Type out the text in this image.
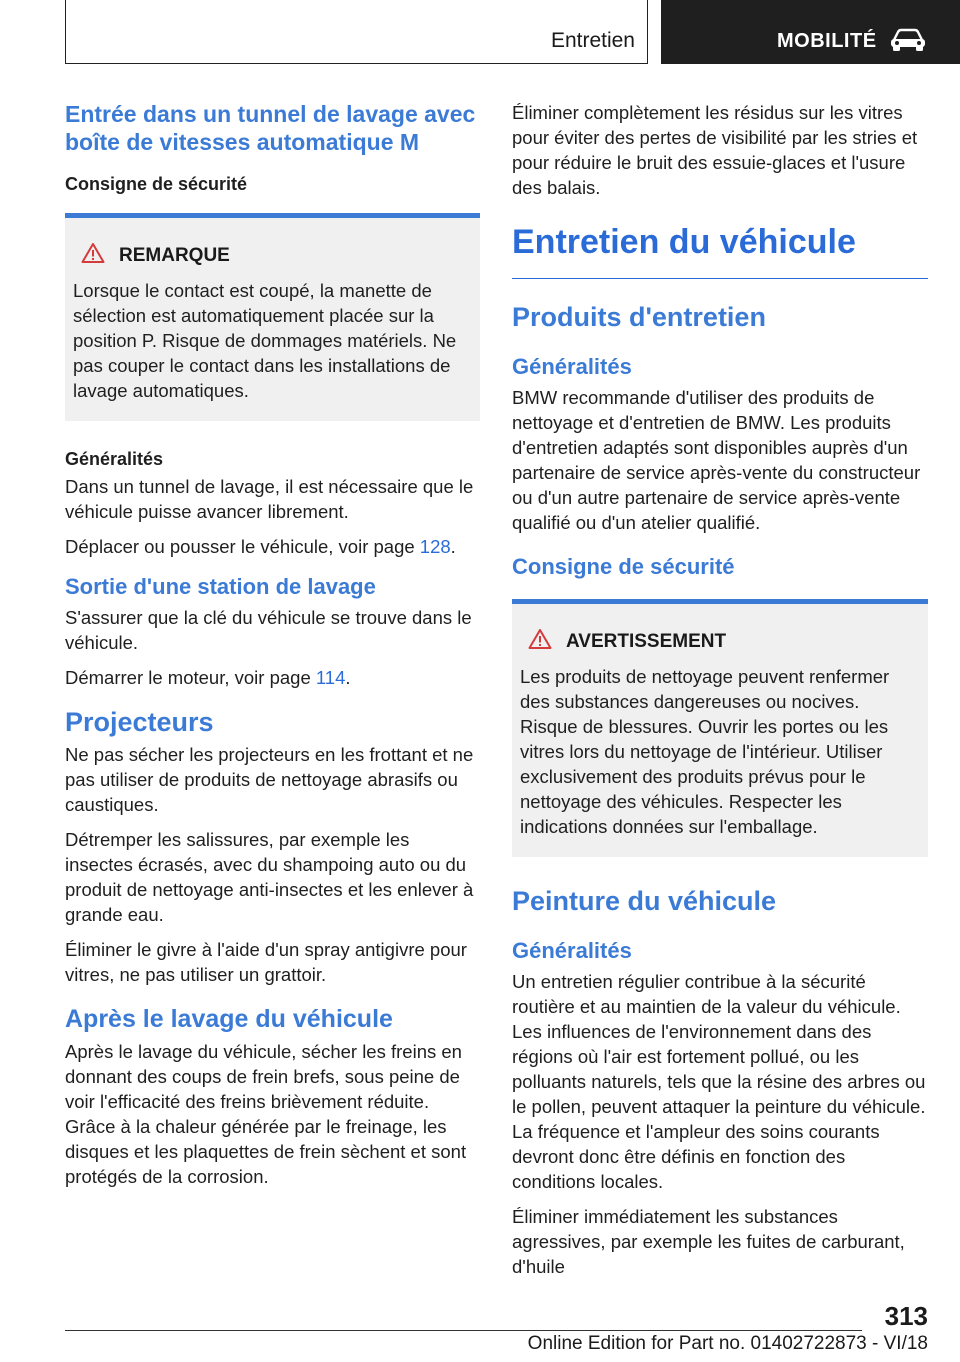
Entretien	MOBILITÉ
Entrée dans un tunnel de lavage avec boîte de vitesses automatique M
Consigne de sécurité
REMARQUE

Lorsque le contact est coupé, la manette de sélection est automatiquement placée sur la position P. Risque de dommages matériels. Ne pas couper le contact dans les installations de lavage automatiques.

Généralités

Dans un tunnel de lavage, il est nécessaire que le véhicule puisse avancer librement.

Déplacer ou pousser le véhicule, voir page 128.

Sortie d'une station de lavage

S'assurer que la clé du véhicule se trouve dans le véhicule.

Démarrer le moteur, voir page 114.

Projecteurs

Ne pas sécher les projecteurs en les frottant et ne pas utiliser de produits de nettoyage abrasifs ou caustiques.

Détremper les salissures, par exemple les insectes écrasés, avec du shampoing auto ou du produit de nettoyage anti-insectes et les enlever à grande eau.

Éliminer le givre à l'aide d'un spray antigivre pour vitres, ne pas utiliser un grattoir.

Après le lavage du véhicule

Après le lavage du véhicule, sécher les freins en donnant des coups de frein brefs, sous peine de voir l'efficacité des freins brièvement réduite. Grâce à la chaleur générée par le freinage, les disques et les plaquettes de frein sèchent et sont protégés de la corrosion.

Éliminer complètement les résidus sur les vitres pour éviter des pertes de visibilité par les stries et pour réduire le bruit des essuie-glaces et l'usure des balais.

Entretien du véhicule
Produits d'entretien
Généralités

BMW recommande d'utiliser des produits de nettoyage et d'entretien de BMW. Les produits d'entretien adaptés sont disponibles auprès d'un partenaire de service après-vente du constructeur ou d'un autre partenaire de service après-vente qualifié ou d'un atelier qualifié.

Consigne de sécurité
AVERTISSEMENT

Les produits de nettoyage peuvent renfermer des substances dangereuses ou nocives. Risque de blessures. Ouvrir les portes ou les vitres lors du nettoyage de l'intérieur. Utiliser exclusivement des produits prévus pour le nettoyage des véhicules. Respecter les indications données sur l'emballage.

Peinture du véhicule
Généralités

Un entretien régulier contribue à la sécurité routière et au maintien de la valeur du véhicule. Les influences de l'environnement dans des régions où l'air est fortement pollué, ou les polluants naturels, tels que la résine des arbres ou le pollen, peuvent attaquer la peinture du véhicule. La fréquence et l'ampleur des soins courants devront donc être définis en fonction des conditions locales.

Éliminer immédiatement les substances agressives, par exemple les fuites de carburant, d'huile

313
Online Edition for Part no. 01402722873 - VI/18
